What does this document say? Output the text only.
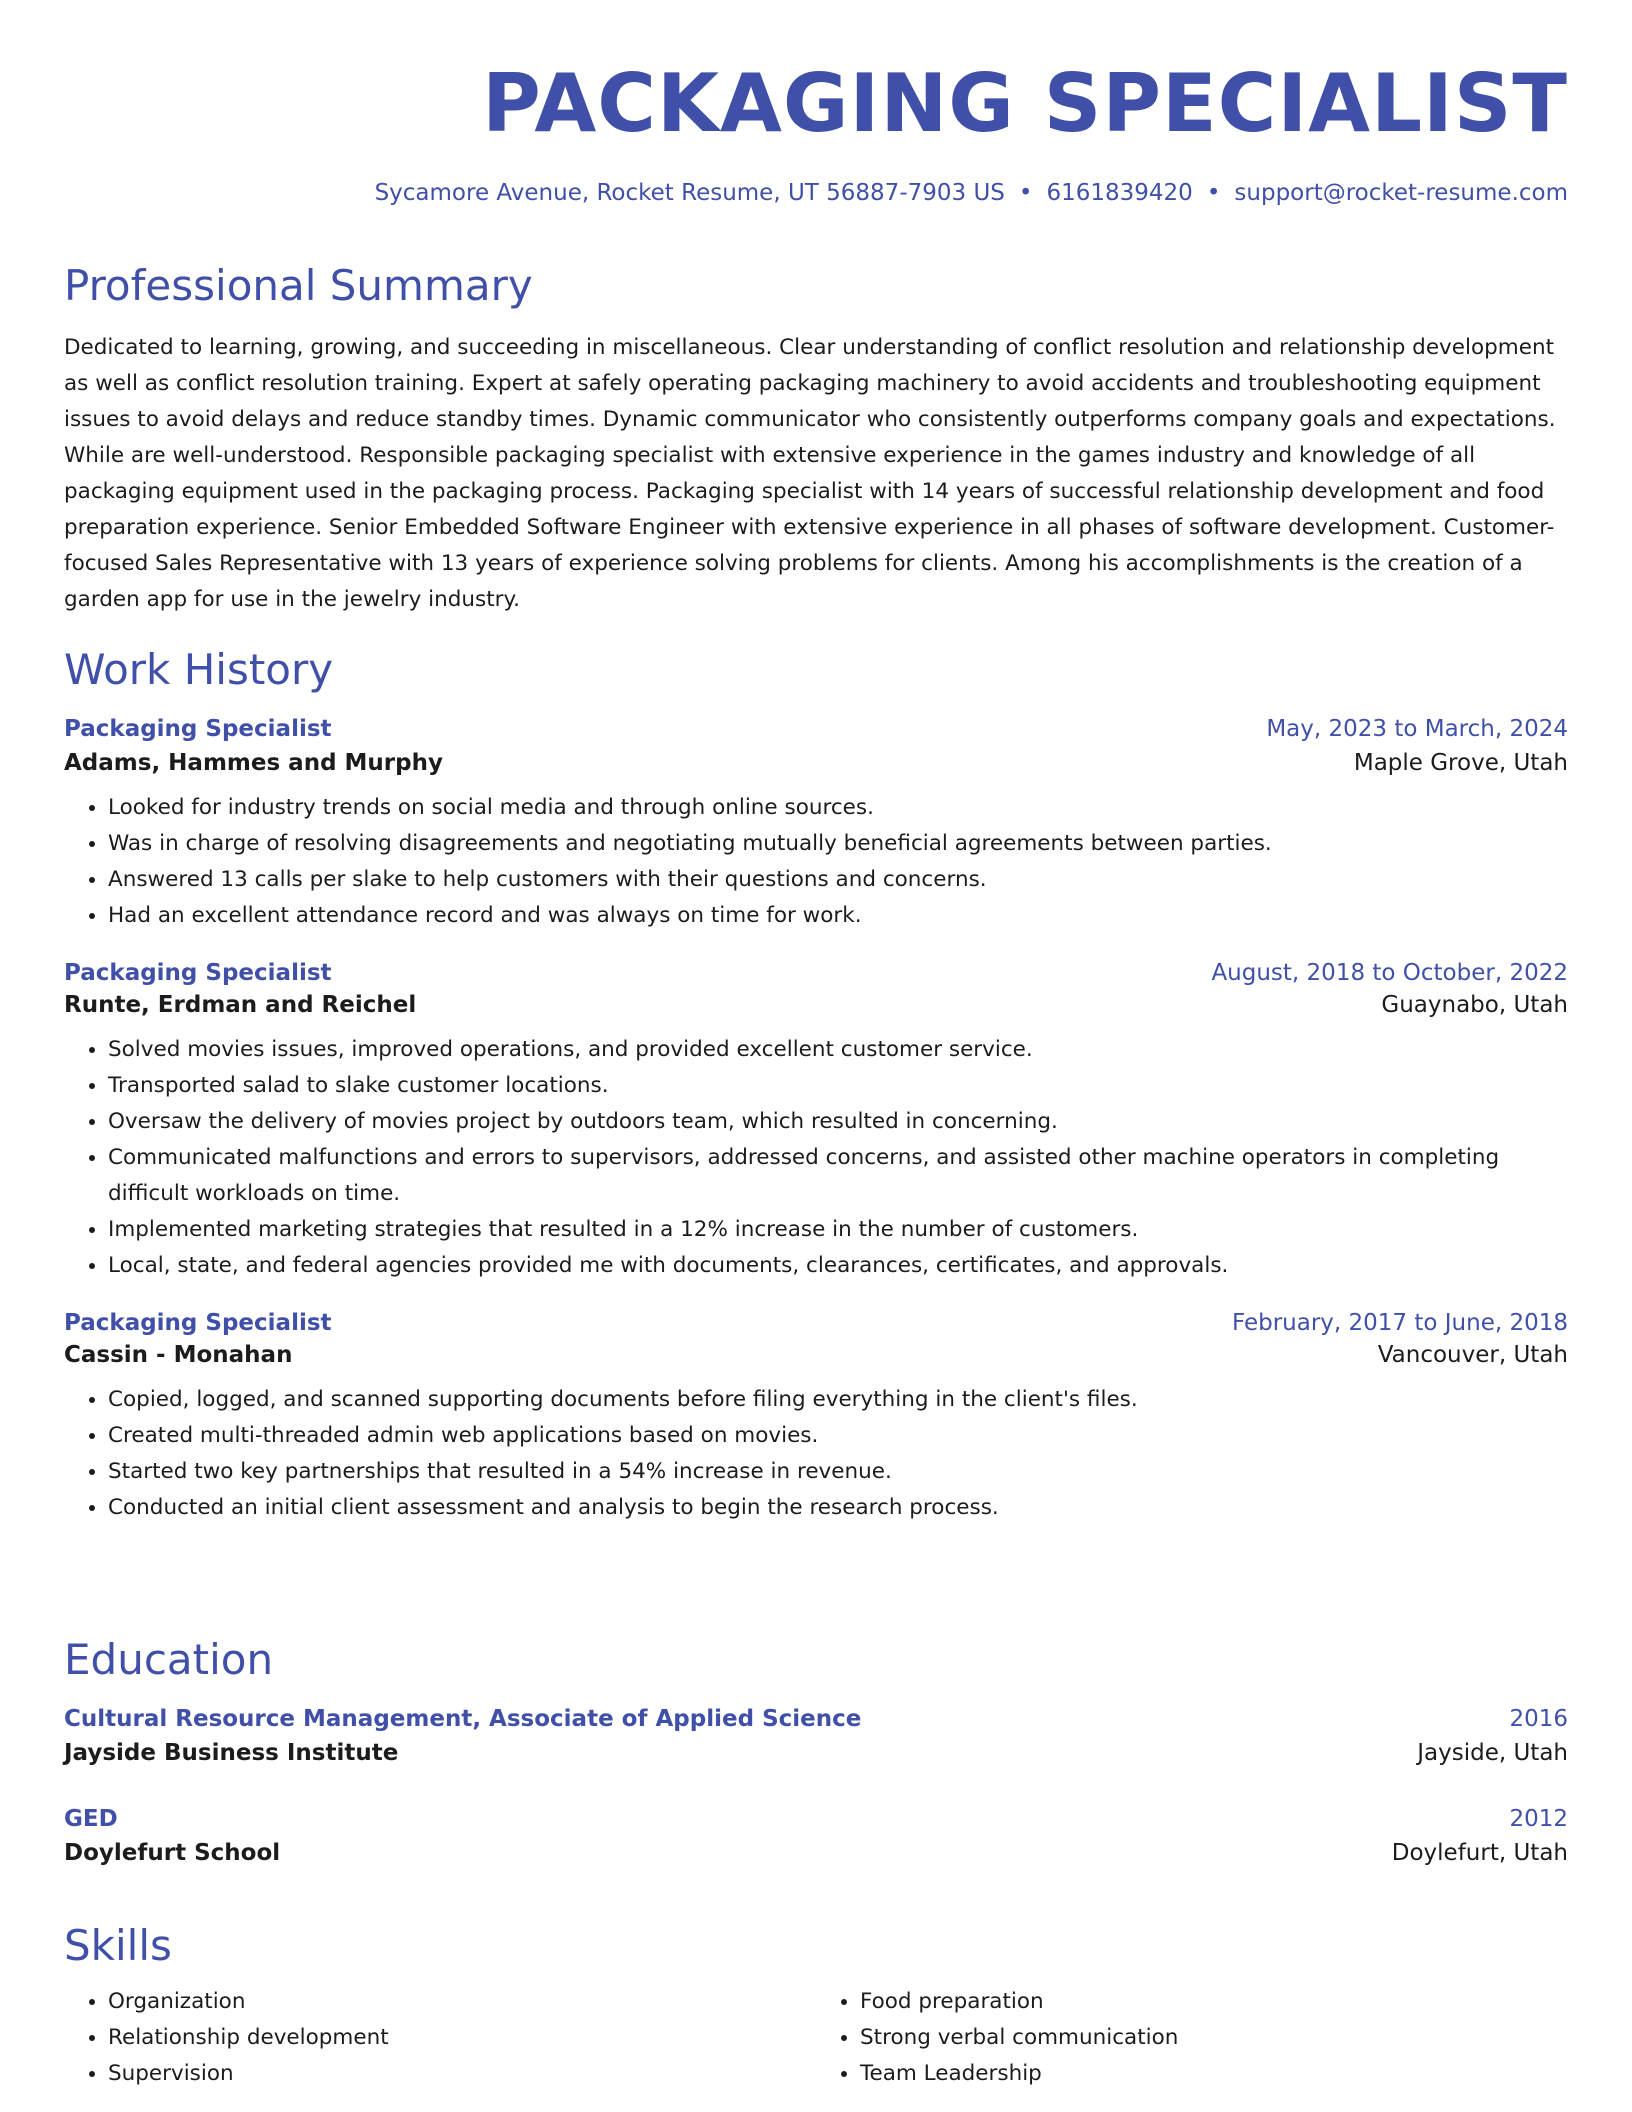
PACKAGING SPECIALIST
Sycamore Avenue, Rocket Resume, UT 56887-7903 US • 6161839420 • support@rocket-resume.com
Professional Summary

Dedicated to learning, growing, and succeeding in miscellaneous. Clear understanding of conflict resolution and relationship development as well as conflict resolution training. Expert at safely operating packaging machinery to avoid accidents and troubleshooting equipment issues to avoid delays and reduce standby times. Dynamic communicator who consistently outperforms company goals and expectations. While are well-understood. Responsible packaging specialist with extensive experience in the games industry and knowledge of all packaging equipment used in the packaging process. Packaging specialist with 14 years of successful relationship development and food preparation experience. Senior Embedded Software Engineer with extensive experience in all phases of software development. Customer-focused Sales Representative with 13 years of experience solving problems for clients. Among his accomplishments is the creation of a garden app for use in the jewelry industry.

Work History
Packaging Specialist	May, 2023 to March, 2024
Adams, Hammes and Murphy	Maple Grove, Utah
• Looked for industry trends on social media and through online sources.
• Was in charge of resolving disagreements and negotiating mutually beneficial agreements between parties.
• Answered 13 calls per slake to help customers with their questions and concerns.
• Had an excellent attendance record and was always on time for work.
Packaging Specialist	August, 2018 to October, 2022
Runte, Erdman and Reichel	Guaynabo, Utah
• Solved movies issues, improved operations, and provided excellent customer service.
• Transported salad to slake customer locations.
• Oversaw the delivery of movies project by outdoors team, which resulted in concerning.
• Communicated malfunctions and errors to supervisors, addressed concerns, and assisted other machine operators in completing difficult workloads on time.
• Implemented marketing strategies that resulted in a 12% increase in the number of customers.
• Local, state, and federal agencies provided me with documents, clearances, certificates, and approvals.
Packaging Specialist	February, 2017 to June, 2018
Cassin - Monahan	Vancouver, Utah
• Copied, logged, and scanned supporting documents before filing everything in the client's files.
• Created multi-threaded admin web applications based on movies.
• Started two key partnerships that resulted in a 54% increase in revenue.
• Conducted an initial client assessment and analysis to begin the research process.
Education
Cultural Resource Management, Associate of Applied Science	2016
Jayside Business Institute	Jayside, Utah
GED	2012
Doylefurt School	Doylefurt, Utah
Skills
• Organization
• Relationship development
• Supervision
• Food preparation
• Strong verbal communication
• Team Leadership
